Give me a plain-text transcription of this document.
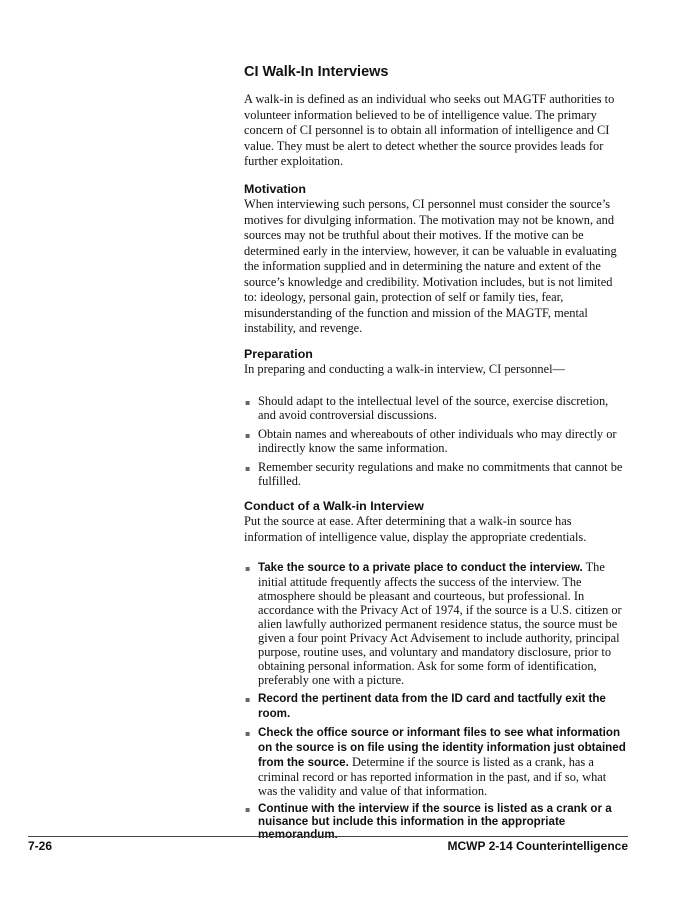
CI Walk-In Interviews

A walk-in is defined as an individual who seeks out MAGTF authorities to volunteer information believed to be of intelligence value. The primary concern of CI personnel is to obtain all information of intelligence and CI value. They must be alert to detect whether the source provides leads for further exploitation.

Motivation

When interviewing such persons, CI personnel must consider the source’s motives for divulging information. The motivation may not be known, and sources may not be truthful about their motives. If the motive can be determined early in the interview, however, it can be valuable in evaluating the information supplied and in determining the nature and extent of the source’s knowledge and credibility. Motivation includes, but is not limited to: ideology, personal gain, protection of self or family ties, fear, misunderstanding of the function and mission of the MAGTF, mental instability, and revenge.

Preparation

In preparing and conducting a walk-in interview, CI personnel—

▪ Should adapt to the intellectual level of the source, exercise discretion, and avoid controversial discussions.
▪ Obtain names and whereabouts of other individuals who may directly or indirectly know the same information.
▪ Remember security regulations and make no commitments that cannot be fulfilled.
Conduct of a Walk-in Interview

Put the source at ease. After determining that a walk-in source has information of intelligence value, display the appropriate credentials.

▪ Take the source to a private place to conduct the interview. The initial attitude frequently affects the success of the interview. The atmosphere should be pleasant and courteous, but professional. In accordance with the Privacy Act of 1974, if the source is a U.S. citizen or alien lawfully authorized permanent residence status, the source must be given a four point Privacy Act Advisement to include authority, principal purpose, routine uses, and voluntary and mandatory disclosure, prior to obtaining personal information. Ask for some form of identification, preferably one with a picture.
▪ Record the pertinent data from the ID card and tactfully exit the room.
▪ Check the office source or informant files to see what information on the source is on file using the identity information just obtained from the source. Determine if the source is listed as a crank, has a criminal record or has reported information in the past, and if so, what was the validity and value of that information.
▪ Continue with the interview if the source is listed as a crank or a nuisance but include this information in the appropriate memorandum.
7-26	MCWP 2-14 Counterintelligence
